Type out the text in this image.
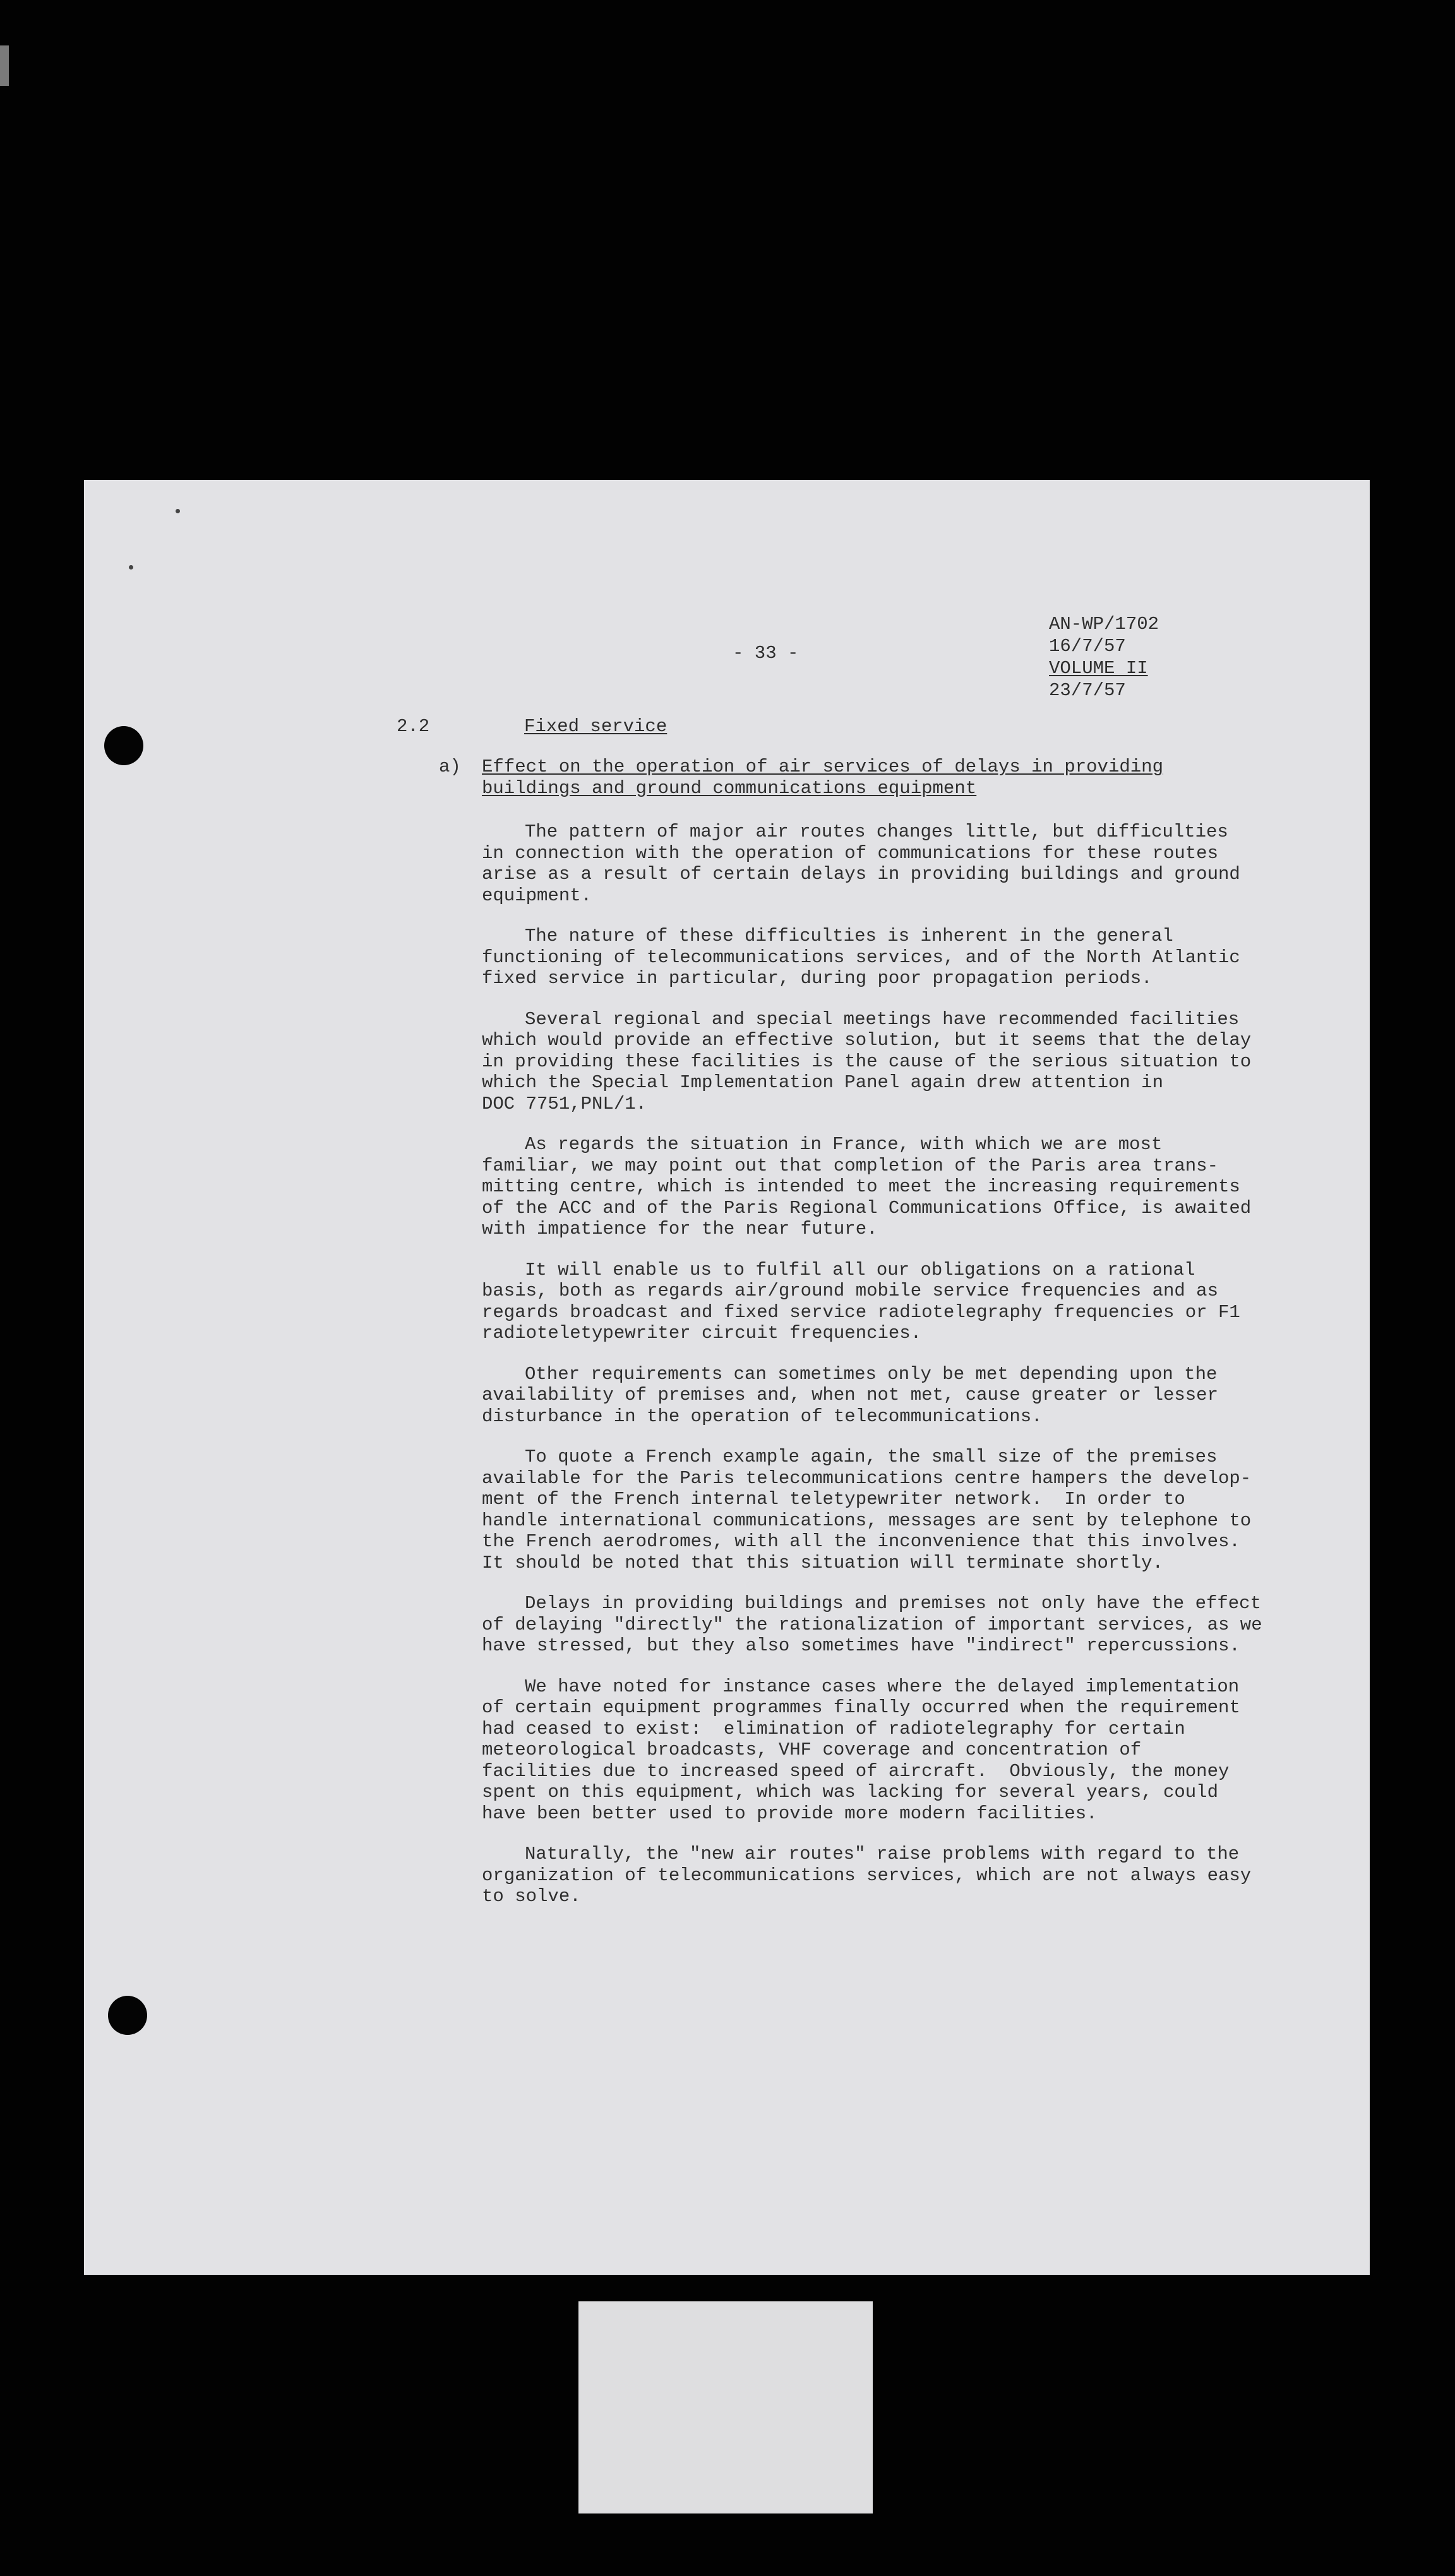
AN-WP/1702
16/7/57
VOLUME II
23/7/57
- 33 -
2.2	Fixed service
a) Effect on the operation of air services of delays in providing
buildings and ground communications equipment

The pattern of major air routes changes little, but difficulties
in connection with the operation of communications for these routes
arise as a result of certain delays in providing buildings and ground
equipment.

The nature of these difficulties is inherent in the general
functioning of telecommunications services, and of the North Atlantic
fixed service in particular, during poor propagation periods.

Several regional and special meetings have recommended facilities
which would provide an effective solution, but it seems that the delay
in providing these facilities is the cause of the serious situation to
which the Special Implementation Panel again drew attention in
DOC 7751,PNL/1.

As regards the situation in France, with which we are most
familiar, we may point out that completion of the Paris area trans-
mitting centre, which is intended to meet the increasing requirements
of the ACC and of the Paris Regional Communications Office, is awaited
with impatience for the near future.

It will enable us to fulfil all our obligations on a rational
basis, both as regards air/ground mobile service frequencies and as
regards broadcast and fixed service radiotelegraphy frequencies or F1
radioteletypewriter circuit frequencies.

Other requirements can sometimes only be met depending upon the
availability of premises and, when not met, cause greater or lesser
disturbance in the operation of telecommunications.

To quote a French example again, the small size of the premises
available for the Paris telecommunications centre hampers the develop-
ment of the French internal teletypewriter network.  In order to
handle international communications, messages are sent by telephone to
the French aerodromes, with all the inconvenience that this involves.
It should be noted that this situation will terminate shortly.

Delays in providing buildings and premises not only have the effect
of delaying "directly" the rationalization of important services, as we
have stressed, but they also sometimes have "indirect" repercussions.

We have noted for instance cases where the delayed implementation
of certain equipment programmes finally occurred when the requirement
had ceased to exist:  elimination of radiotelegraphy for certain
meteorological broadcasts, VHF coverage and concentration of
facilities due to increased speed of aircraft.  Obviously, the money
spent on this equipment, which was lacking for several years, could
have been better used to provide more modern facilities.

Naturally, the "new air routes" raise problems with regard to the
organization of telecommunications services, which are not always easy
to solve.
